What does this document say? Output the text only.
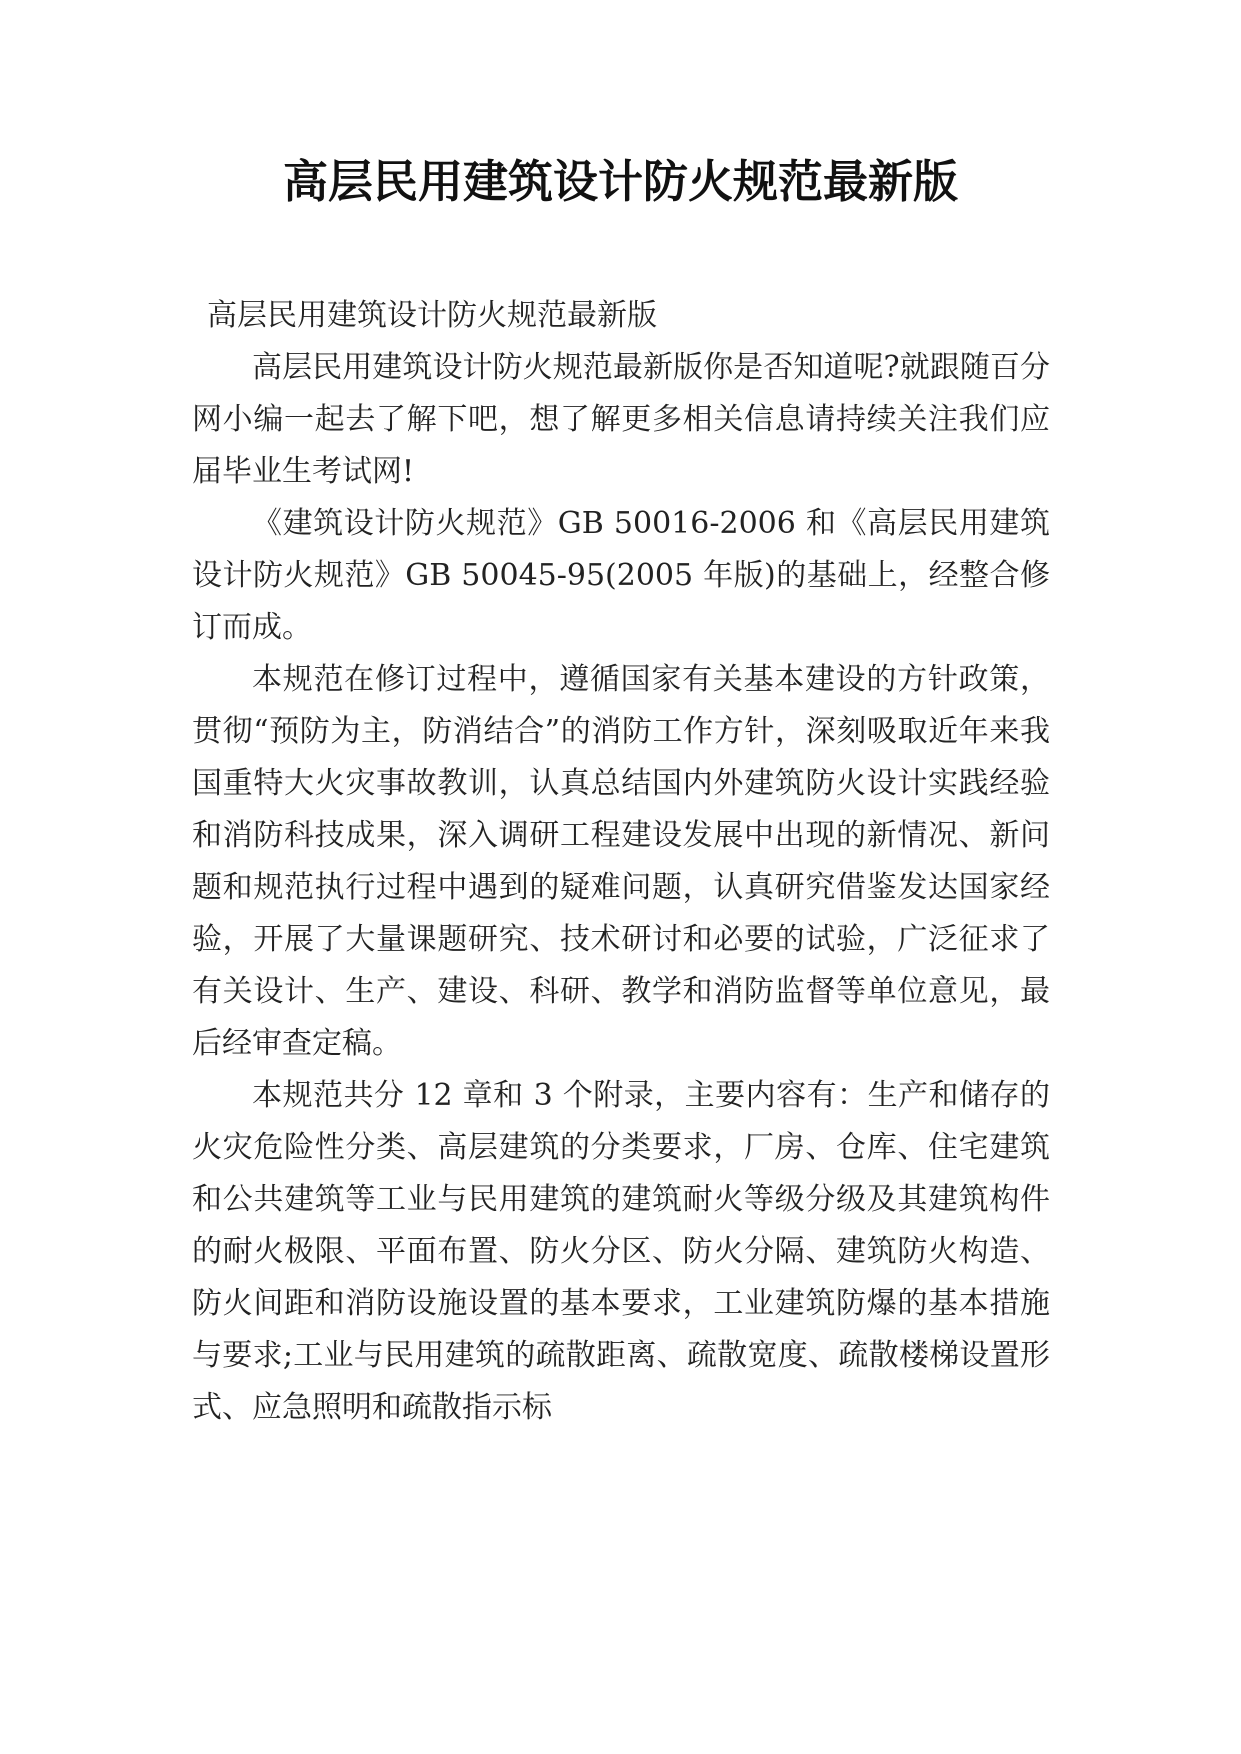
高层民用建筑设计防火规范最新版

高层民用建筑设计防火规范最新版

高层民用建筑设计防火规范最新版你是否知道呢?就跟随百分网小编一起去了解下吧，想了解更多相关信息请持续关注我们应届毕业生考试网!

《建筑设计防火规范》GB 50016-2006 和《高层民用建筑设计防火规范》GB 50045-95(2005 年版)的基础上，经整合修订而成。

本规范在修订过程中，遵循国家有关基本建设的方针政策，贯彻“预防为主，防消结合”的消防工作方针，深刻吸取近年来我国重特大火灾事故教训，认真总结国内外建筑防火设计实践经验和消防科技成果，深入调研工程建设发展中出现的新情况、新问题和规范执行过程中遇到的疑难问题，认真研究借鉴发达国家经验，开展了大量课题研究、技术研讨和必要的试验，广泛征求了有关设计、生产、建设、科研、教学和消防监督等单位意见，最后经审查定稿。

本规范共分 12 章和 3 个附录，主要内容有：生产和储存的火灾危险性分类、高层建筑的分类要求，厂房、仓库、住宅建筑和公共建筑等工业与民用建筑的建筑耐火等级分级及其建筑构件的耐火极限、平面布置、防火分区、防火分隔、建筑防火构造、防火间距和消防设施设置的基本要求，工业建筑防爆的基本措施与要求;工业与民用建筑的疏散距离、疏散宽度、疏散楼梯设置形式、应急照明和疏散指示标
